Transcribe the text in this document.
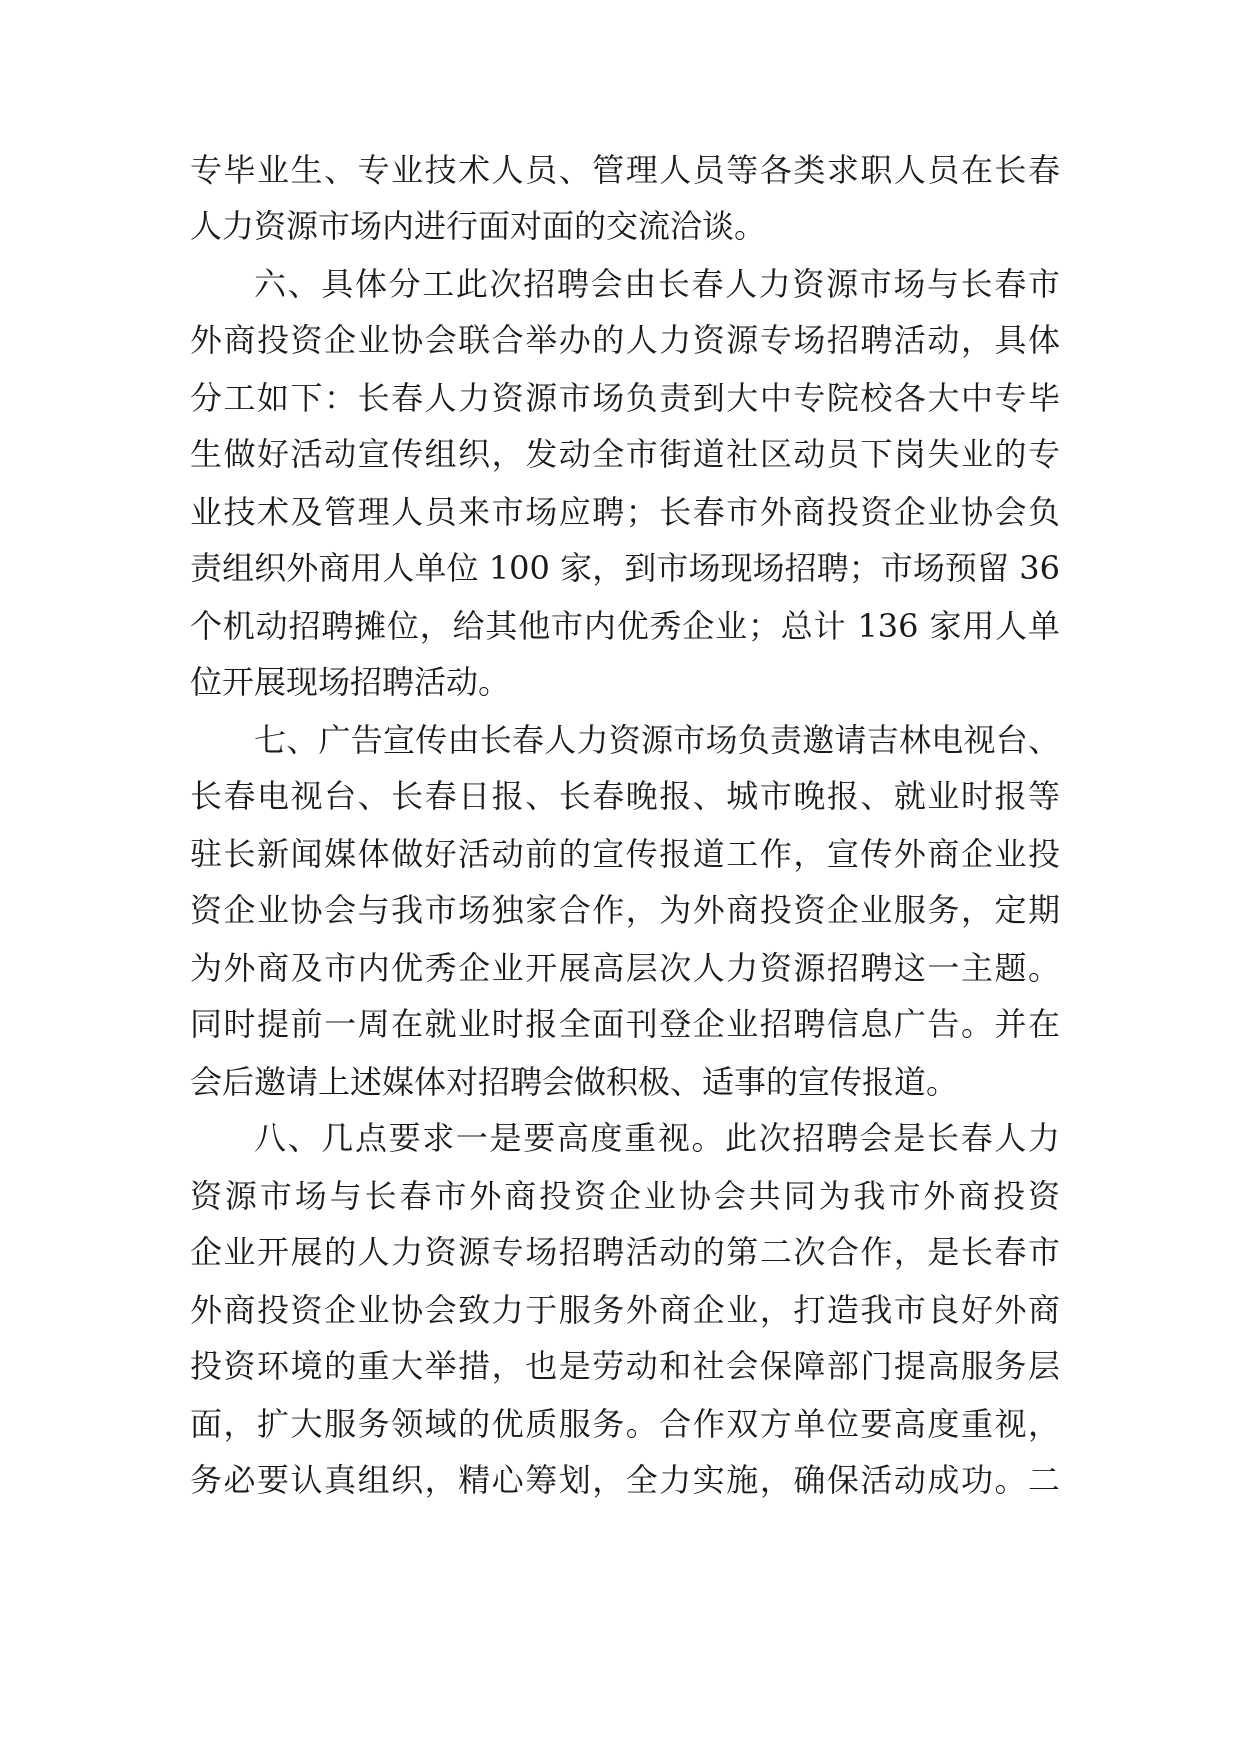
专毕业生、专业技术人员、管理人员等各类求职人员在长春
人力资源市场内进行面对面的交流洽谈。
六、具体分工此次招聘会由长春人力资源市场与长春市
外商投资企业协会联合举办的人力资源专场招聘活动，具体
分工如下：长春人力资源市场负责到大中专院校各大中专毕
生做好活动宣传组织，发动全市街道社区动员下岗失业的专
业技术及管理人员来市场应聘；长春市外商投资企业协会负
责组织外商用人单位 100 家，到市场现场招聘；市场预留 36
个机动招聘摊位，给其他市内优秀企业；总计 136 家用人单
位开展现场招聘活动。
七、广告宣传由长春人力资源市场负责邀请吉林电视台、
长春电视台、长春日报、长春晚报、城市晚报、就业时报等
驻长新闻媒体做好活动前的宣传报道工作，宣传外商企业投
资企业协会与我市场独家合作，为外商投资企业服务，定期
为外商及市内优秀企业开展高层次人力资源招聘这一主题。
同时提前一周在就业时报全面刊登企业招聘信息广告。并在
会后邀请上述媒体对招聘会做积极、适事的宣传报道。
八、几点要求一是要高度重视。此次招聘会是长春人力
资源市场与长春市外商投资企业协会共同为我市外商投资
企业开展的人力资源专场招聘活动的第二次合作，是长春市
外商投资企业协会致力于服务外商企业，打造我市良好外商
投资环境的重大举措，也是劳动和社会保障部门提高服务层
面，扩大服务领域的优质服务。合作双方单位要高度重视，
务必要认真组织，精心筹划，全力实施，确保活动成功。二
